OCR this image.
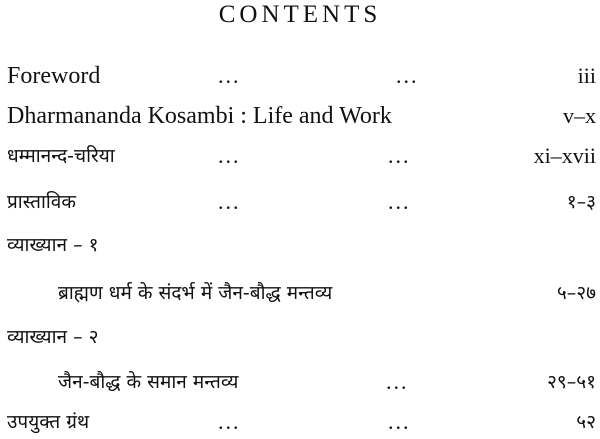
CONTENTS
Foreword	...	...	iii
Dharmananda Kosambi : Life and Work	v–x
धम्मानन्द-चरिया	...	...	xi–xvii
प्रास्ताविक	...	...	१–३
व्याख्यान – १
ब्राह्मण धर्म के संदर्भ में जैन-बौद्ध मन्तव्य	५–२७
व्याख्यान – २
जैन-बौद्ध के समान मन्तव्य	...	२९–५१
उपयुक्त ग्रंथ	...	...	५२
